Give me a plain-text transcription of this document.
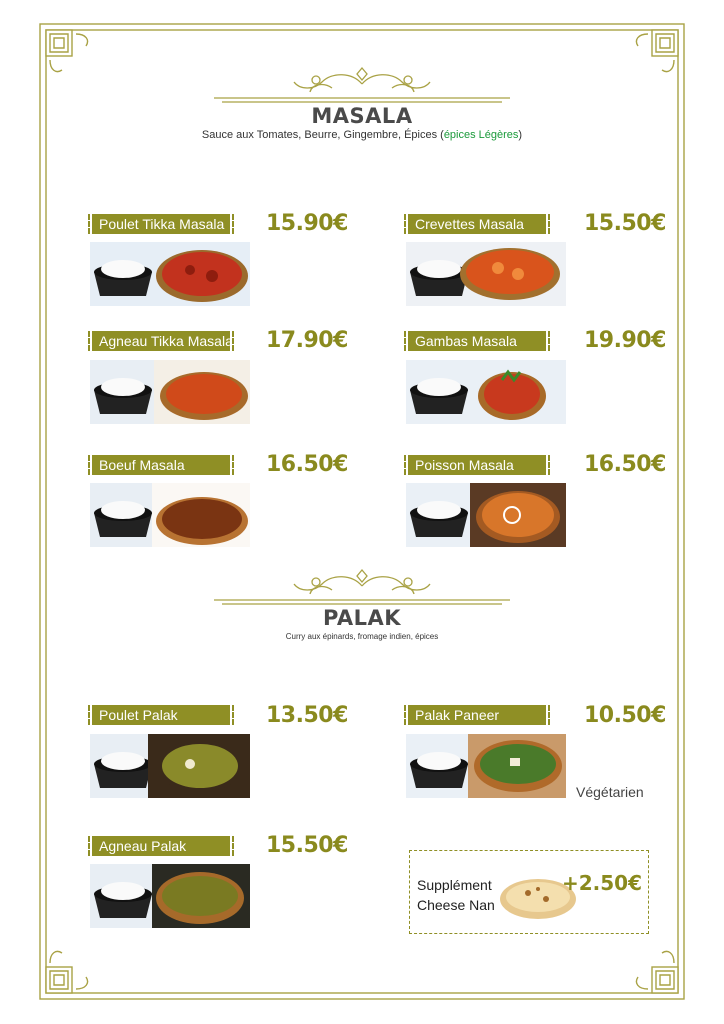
MASALA
Sauce aux Tomates, Beurre, Gingembre, Épices (épices Légères)
PALAK
Curry aux épinards, fromage indien, épices
Poulet Tikka Masala 15.90€	Crevettes Masala	15.50€
Agneau Tikka Masala 17.90€	Gambas Masala	19.90€
Boeuf Masala	16.50€	Poisson Masala	16.50€
Poulet Palak	13.50€	Palak Paneer	10.50€
Végétarien
Agneau Palak	15.50€
Supplément
Cheese Nan
+2.50€
